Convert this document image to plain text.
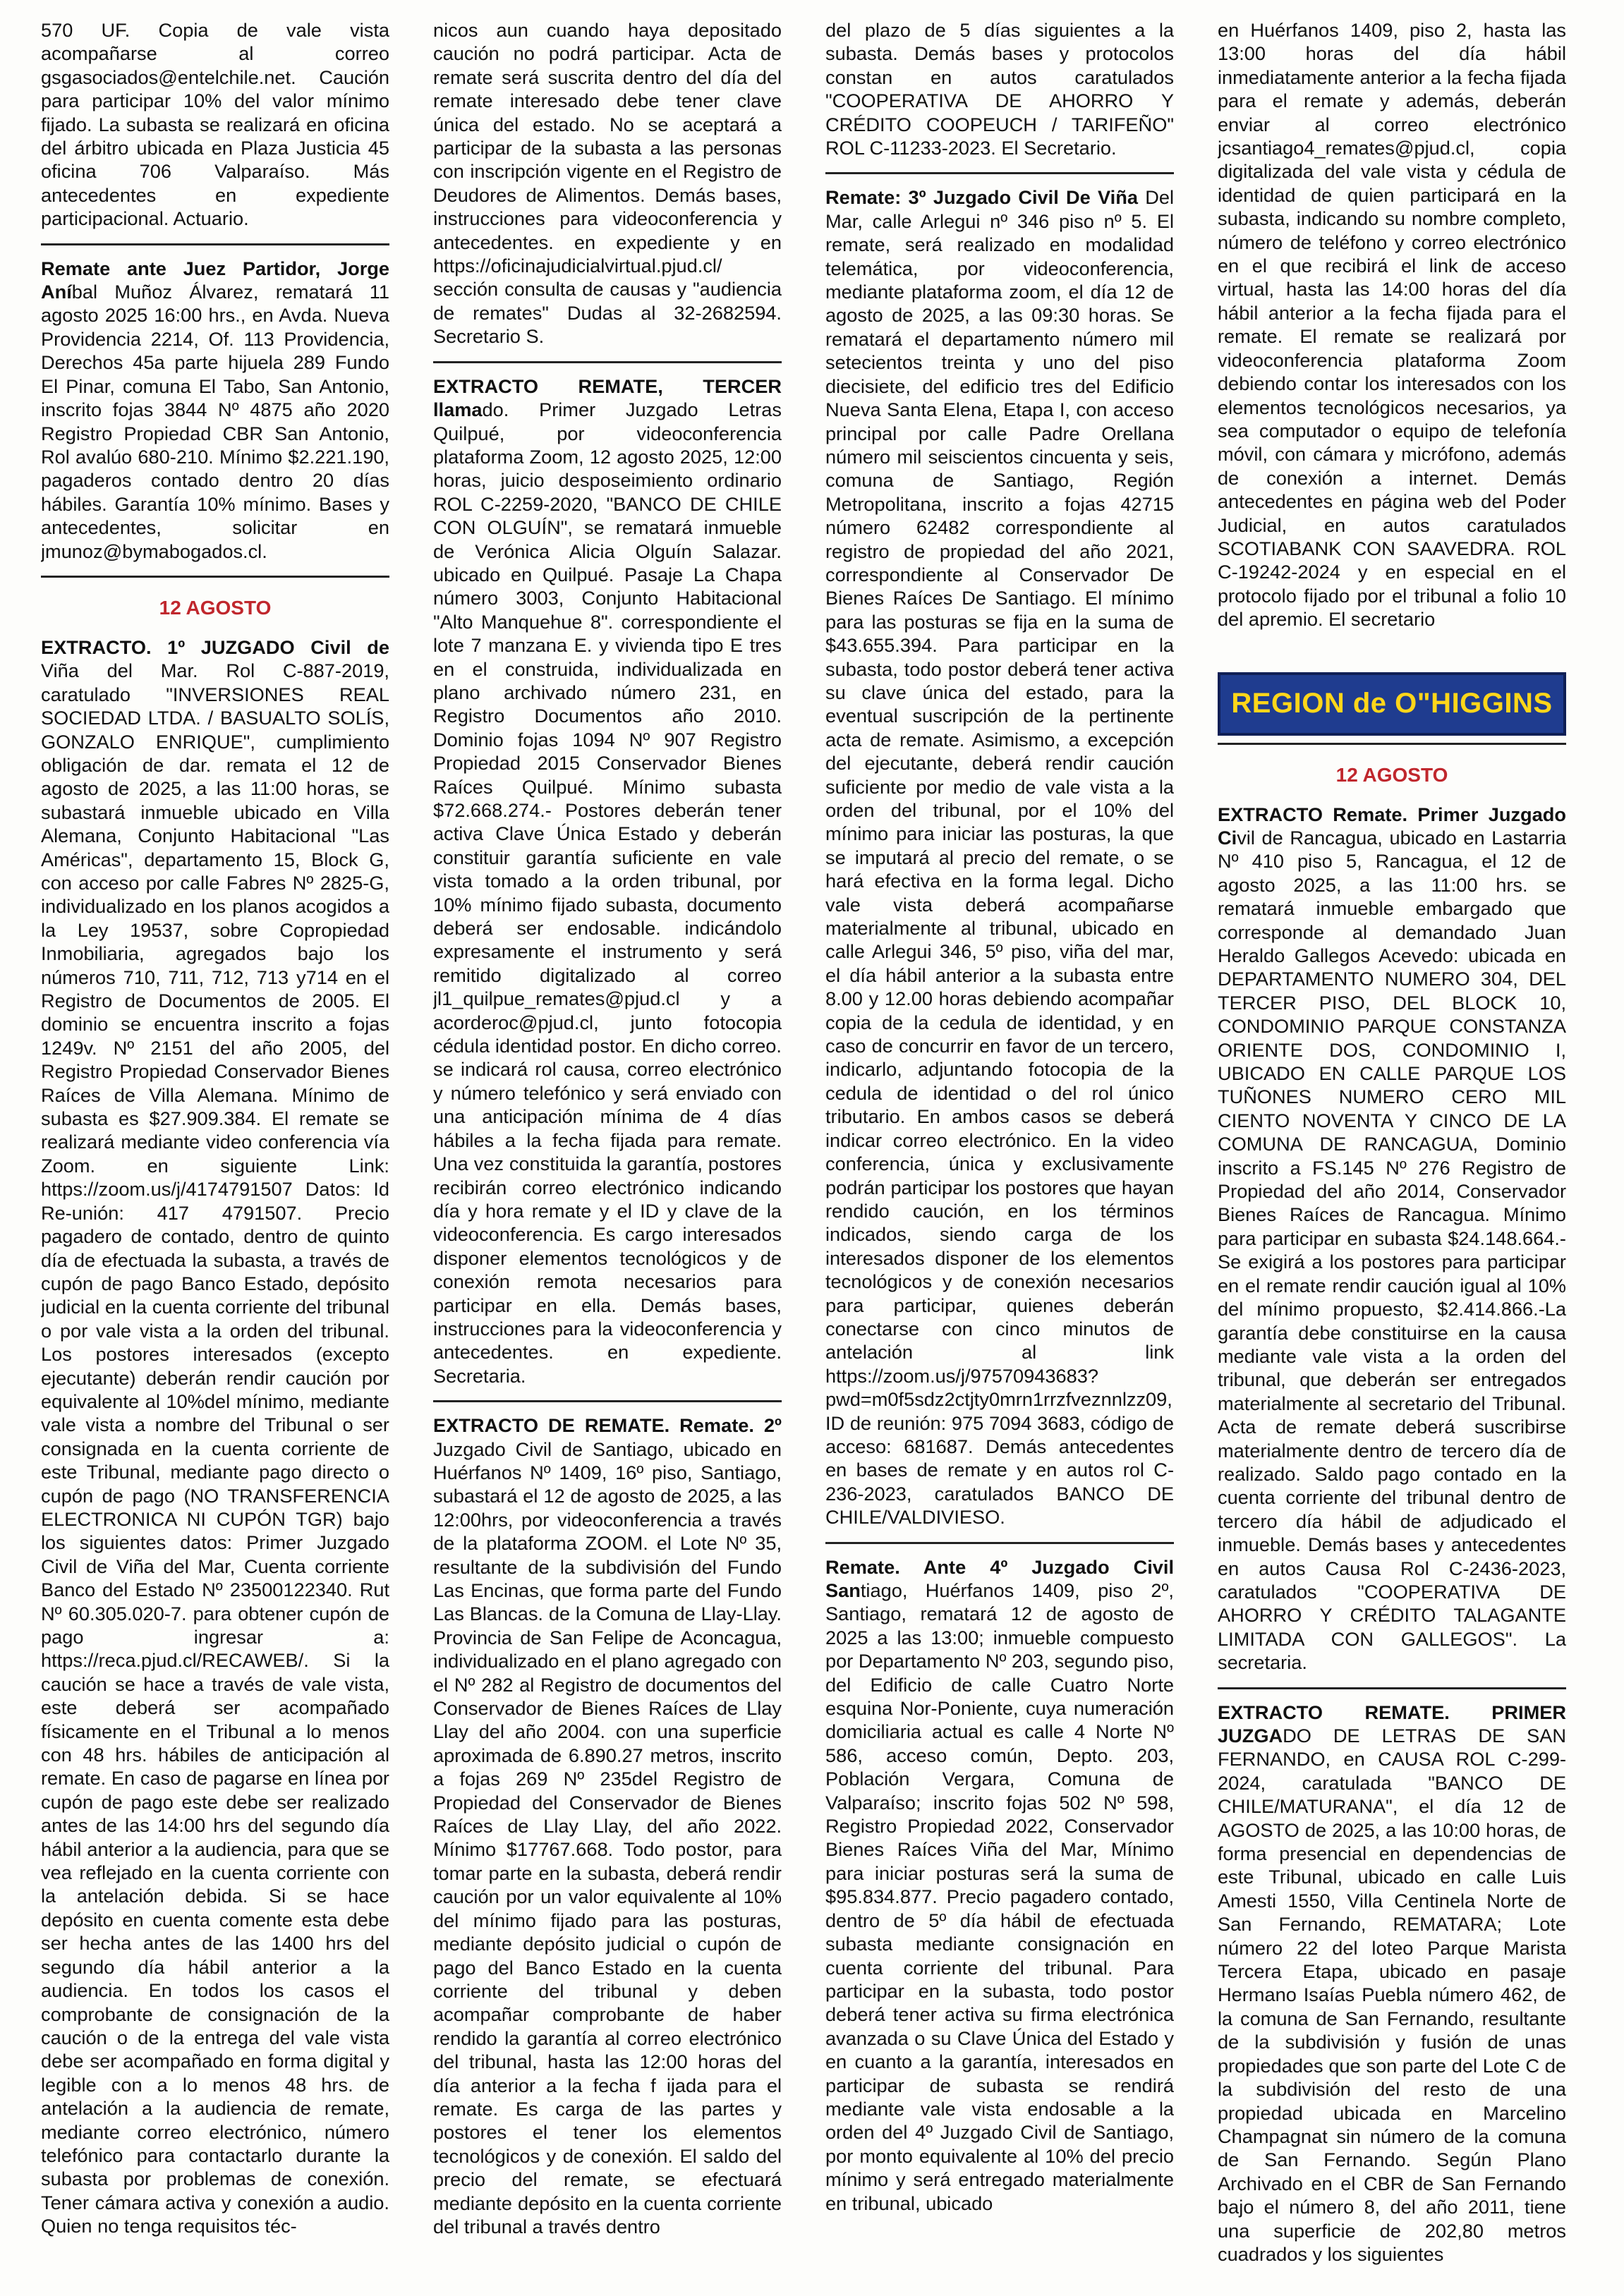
570 UF. Copia de vale vista acompañarse al correo gsgasociados@entelchile.net. Caución para participar 10% del valor mínimo fijado. La subasta se realizará en oficina del árbitro ubicada en Plaza Justicia 45 oficina 706 Valparaíso. Más antecedentes en expediente participacional. Actuario.

Remate ante Juez Partidor, Jorge Aníbal Muñoz Álvarez, rematará 11 agosto 2025 16:00 hrs., en Avda. Nueva Providencia 2214, Of. 113 Providencia, Derechos 45a parte hijuela 289 Fundo El Pinar, comuna El Tabo, San Antonio, inscrito fojas 3844 Nº 4875 año 2020 Registro Propiedad CBR San Antonio, Rol avalúo 680-210. Mínimo $2.221.190, pagaderos contado dentro 20 días hábiles. Garantía 10% mínimo. Bases y antecedentes, solicitar en jmunoz@bymabogados.cl.

12 AGOSTO

EXTRACTO. 1º JUZGADO Civil de Viña del Mar. Rol C-887-2019, caratulado "INVERSIONES REAL SOCIEDAD LTDA. / BASUALTO SOLÍS, GONZALO ENRIQUE", cumplimiento obligación de dar. remata el 12 de agosto de 2025, a las 11:00 horas, se subastará inmueble ubicado en Villa Alemana, Conjunto Habitacional "Las Américas", departamento 15, Block G, con acceso por calle Fabres Nº 2825-G, individualizado en los planos acogidos a la Ley 19537, sobre Copropiedad Inmobiliaria, agregados bajo los números 710, 711, 712, 713 y714 en el Registro de Documentos de 2005. El dominio se encuentra inscrito a fojas 1249v. Nº 2151 del año 2005, del Registro Propiedad Conservador Bienes Raíces de Villa Alemana. Mínimo de subasta es $27.909.384. El remate se realizará mediante video conferencia vía Zoom. en siguiente Link: https://zoom.us/j/4174791507 Datos: Id Re-unión: 417 4791507. Precio pagadero de contado, dentro de quinto día de efectuada la subasta, a través de cupón de pago Banco Estado, depósito judicial en la cuenta corriente del tribunal o por vale vista a la orden del tribunal. Los postores interesados (excepto ejecutante) deberán rendir caución por equivalente al 10%del mínimo, mediante vale vista a nombre del Tribunal o ser consignada en la cuenta corriente de este Tribunal, mediante pago directo o cupón de pago (NO TRANSFERENCIA ELECTRONICA NI CUPÓN TGR) bajo los siguientes datos: Primer Juzgado Civil de Viña del Mar, Cuenta corriente Banco del Estado Nº 23500122340. Rut Nº 60.305.020-7. para obtener cupón de pago ingresar a: https://reca.pjud.cl/RECAWEB/. Si la caución se hace a través de vale vista, este deberá ser acompañado físicamente en el Tribunal a lo menos con 48 hrs. hábiles de anticipación al remate. En caso de pagarse en línea por cupón de pago este debe ser realizado antes de las 14:00 hrs del segundo día hábil anterior a la audiencia, para que se vea reflejado en la cuenta corriente con la antelación debida. Si se hace depósito en cuenta comente esta debe ser hecha antes de las 1400 hrs del segundo día hábil anterior a la audiencia. En todos los casos el comprobante de consignación de la caución o de la entrega del vale vista debe ser acompañado en forma digital y legible con a lo menos 48 hrs. de antelación a la audiencia de remate, mediante correo electrónico, número telefónico para contactarlo durante la subasta por problemas de conexión. Tener cámara activa y conexión a audio. Quien no tenga requisitos téc-

nicos aun cuando haya depositado caución no podrá participar. Acta de remate será suscrita dentro del día del remate interesado debe tener clave única del estado. No se aceptará a participar de la subasta a las personas con inscripción vigente en el Registro de Deudores de Alimentos. Demás bases, instrucciones para videoconferencia y antecedentes. en expediente y en https://oficinajudicialvirtual.pjud.cl/ sección consulta de causas y "audiencia de remates" Dudas al 32-2682594. Secretario S.

EXTRACTO REMATE, TERCER llamado. Primer Juzgado Letras Quilpué, por videoconferencia plataforma Zoom, 12 agosto 2025, 12:00 horas, juicio desposeimiento ordinario ROL C-2259-2020, "BANCO DE CHILE CON OLGUÍN", se rematará inmueble de Verónica Alicia Olguín Salazar. ubicado en Quilpué. Pasaje La Chapa número 3003, Conjunto Habitacional "Alto Manquehue 8". correspondiente el lote 7 manzana E. y vivienda tipo E tres en el construida, individualizada en plano archivado número 231, en Registro Documentos año 2010. Dominio fojas 1094 Nº 907 Registro Propiedad 2015 Conservador Bienes Raíces Quilpué. Mínimo subasta $72.668.274.- Postores deberán tener activa Clave Única Estado y deberán constituir garantía suficiente en vale vista tomado a la orden tribunal, por 10% mínimo fijado subasta, documento deberá ser endosable. indicándolo expresamente el instrumento y será remitido digitalizado al correo jl1_quilpue_remates@pjud.cl y a acorderoc@pjud.cl, junto fotocopia cédula identidad postor. En dicho correo. se indicará rol causa, correo electrónico y número telefónico y será enviado con una anticipación mínima de 4 días hábiles a la fecha fijada para remate. Una vez constituida la garantía, postores recibirán correo electrónico indicando día y hora remate y el ID y clave de la videoconferencia. Es cargo interesados disponer elementos tecnológicos y de conexión remota necesarios para participar en ella. Demás bases, instrucciones para la videoconferencia y antecedentes. en expediente. Secretaria.

EXTRACTO DE REMATE. Remate. 2º Juzgado Civil de Santiago, ubicado en Huérfanos Nº 1409, 16º piso, Santiago, subastará el 12 de agosto de 2025, a las 12:00hrs, por videoconferencia a través de la plataforma ZOOM. el Lote Nº 35, resultante de la subdivisión del Fundo Las Encinas, que forma parte del Fundo Las Blancas. de la Comuna de Llay-Llay. Provincia de San Felipe de Aconcagua, individualizado en el plano agregado con el Nº 282 al Registro de documentos del Conservador de Bienes Raíces de Llay Llay del año 2004. con una superficie aproximada de 6.890.27 metros, inscrito a fojas 269 Nº 235del Registro de Propiedad del Conservador de Bienes Raíces de Llay Llay, del año 2022. Mínimo $17767.668. Todo postor, para tomar parte en la subasta, deberá rendir caución por un valor equivalente al 10% del mínimo fijado para las posturas, mediante depósito judicial o cupón de pago del Banco Estado en la cuenta corriente del tribunal y deben acompañar comprobante de haber rendido la garantía al correo electrónico del tribunal, hasta las 12:00 horas del día anterior a la fecha f ijada para el remate. Es carga de las partes y postores el tener los elementos tecnológicos y de conexión. El saldo del precio del remate, se efectuará mediante depósito en la cuenta corriente del tribunal a través dentro

del plazo de 5 días siguientes a la subasta. Demás bases y protocolos constan en autos caratulados "COOPERATIVA DE AHORRO Y CRÉDITO COOPEUCH / TARIFEÑO" ROL C-11233-2023. El Secretario.

Remate: 3º Juzgado Civil De Viña Del Mar, calle Arlegui nº 346 piso nº 5. El remate, será realizado en modalidad telemática, por videoconferencia, mediante plataforma zoom, el día 12 de agosto de 2025, a las 09:30 horas. Se rematará el departamento número mil setecientos treinta y uno del piso diecisiete, del edificio tres del Edificio Nueva Santa Elena, Etapa I, con acceso principal por calle Padre Orellana número mil seiscientos cincuenta y seis, comuna de Santiago, Región Metropolitana, inscrito a fojas 42715 número 62482 correspondiente al registro de propiedad del año 2021, correspondiente al Conservador De Bienes Raíces De Santiago. El mínimo para las posturas se fija en la suma de $43.655.394. Para participar en la subasta, todo postor deberá tener activa su clave única del estado, para la eventual suscripción de la pertinente acta de remate. Asimismo, a excepción del ejecutante, deberá rendir caución suficiente por medio de vale vista a la orden del tribunal, por el 10% del mínimo para iniciar las posturas, la que se imputará al precio del remate, o se hará efectiva en la forma legal. Dicho vale vista deberá acompañarse materialmente al tribunal, ubicado en calle Arlegui 346, 5º piso, viña del mar, el día hábil anterior a la subasta entre 8.00 y 12.00 horas debiendo acompañar copia de la cedula de identidad, y en caso de concurrir en favor de un tercero, indicarlo, adjuntando fotocopia de la cedula de identidad o del rol único tributario. En ambos casos se deberá indicar correo electrónico. En la video conferencia, única y exclusivamente podrán participar los postores que hayan rendido caución, en los términos indicados, siendo carga de los interesados disponer de los elementos tecnológicos y de conexión necesarios para participar, quienes deberán conectarse con cinco minutos de antelación al link https://zoom.us/j/97570943683?pwd=m0f5sdz2ctjty0mrn1rrzfveznnlzz09, ID de reunión: 975 7094 3683, código de acceso: 681687. Demás antecedentes en bases de remate y en autos rol C-236-2023, caratulados BANCO DE CHILE/VALDIVIESO.

Remate. Ante 4º Juzgado Civil Santiago, Huérfanos 1409, piso 2º, Santiago, rematará 12 de agosto de 2025 a las 13:00; inmueble compuesto por Departamento Nº 203, segundo piso, del Edificio de calle Cuatro Norte esquina Nor-Poniente, cuya numeración domiciliaria actual es calle 4 Norte Nº 586, acceso común, Depto. 203, Población Vergara, Comuna de Valparaíso; inscrito fojas 502 Nº 598, Registro Propiedad 2022, Conservador Bienes Raíces Viña del Mar, Mínimo para iniciar posturas será la suma de $95.834.877. Precio pagadero contado, dentro de 5º día hábil de efectuada subasta mediante consignación en cuenta corriente del tribunal. Para participar en la subasta, todo postor deberá tener activa su firma electrónica avanzada o su Clave Única del Estado y en cuanto a la garantía, interesados en participar de subasta se rendirá mediante vale vista endosable a la orden del 4º Juzgado Civil de Santiago, por monto equivalente al 10% del precio mínimo y será entregado materialmente en tribunal, ubicado

en Huérfanos 1409, piso 2, hasta las 13:00 horas del día hábil inmediatamente anterior a la fecha fijada para el remate y además, deberán enviar al correo electrónico jcsantiago4_remates@pjud.cl, copia digitalizada del vale vista y cédula de identidad de quien participará en la subasta, indicando su nombre completo, número de teléfono y correo electrónico en el que recibirá el link de acceso virtual, hasta las 14:00 horas del día hábil anterior a la fecha fijada para el remate. El remate se realizará por videoconferencia plataforma Zoom debiendo contar los interesados con los elementos tecnológicos necesarios, ya sea computador o equipo de telefonía móvil, con cámara y micrófono, además de conexión a internet. Demás antecedentes en página web del Poder Judicial, en autos caratulados SCOTIABANK CON SAAVEDRA. ROL C-19242-2024 y en especial en el protocolo fijado por el tribunal a folio 10 del apremio. El secretario

REGION de O"HIGGINS
12 AGOSTO

EXTRACTO Remate. Primer Juzgado Civil de Rancagua, ubicado en Lastarria Nº 410 piso 5, Rancagua, el 12 de agosto 2025, a las 11:00 hrs. se rematará inmueble embargado que corresponde al demandado Juan Heraldo Gallegos Acevedo: ubicada en DEPARTAMENTO NUMERO 304, DEL TERCER PISO, DEL BLOCK 10, CONDOMINIO PARQUE CONSTANZA ORIENTE DOS, CONDOMINIO I, UBICADO EN CALLE PARQUE LOS TUÑONES NUMERO CERO MIL CIENTO NOVENTA Y CINCO DE LA COMUNA DE RANCAGUA, Dominio inscrito a FS.145 Nº 276 Registro de Propiedad del año 2014, Conservador Bienes Raíces de Rancagua. Mínimo para participar en subasta $24.148.664.- Se exigirá a los postores para participar en el remate rendir caución igual al 10% del mínimo propuesto, $2.414.866.-La garantía debe constituirse en la causa mediante vale vista a la orden del tribunal, que deberán ser entregados materialmente al secretario del Tribunal. Acta de remate deberá suscribirse materialmente dentro de tercero día de realizado. Saldo pago contado en la cuenta corriente del tribunal dentro de tercero día hábil de adjudicado el inmueble. Demás bases y antecedentes en autos Causa Rol C-2436-2023, caratulados "COOPERATIVA DE AHORRO Y CRÉDITO TALAGANTE LIMITADA CON GALLEGOS". La secretaria.

EXTRACTO REMATE. PRIMER JUZGADO DE LETRAS DE SAN FERNANDO, en CAUSA ROL C-299-2024, caratulada "BANCO DE CHILE/MATURANA", el día 12 de AGOSTO de 2025, a las 10:00 horas, de forma presencial en dependencias de este Tribunal, ubicado en calle Luis Amesti 1550, Villa Centinela Norte de San Fernando, REMATARA; Lote número 22 del loteo Parque Marista Tercera Etapa, ubicado en pasaje Hermano Isaías Puebla número 462, de la comuna de San Fernando, resultante de la subdivisión y fusión de unas propiedades que son parte del Lote C de la subdivisión del resto de una propiedad ubicada en Marcelino Champagnat sin número de la comuna de San Fernando. Según Plano Archivado en el CBR de San Fernando bajo el número 8, del año 2011, tiene una superficie de 202,80 metros cuadrados y los siguientes
